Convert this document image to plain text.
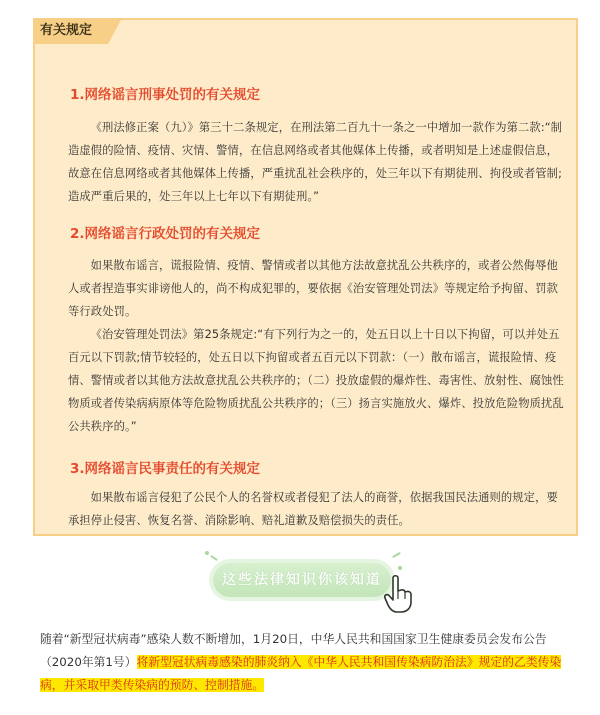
有关规定
1.网络谣言刑事处罚的有关规定

《刑法修正案（九）》第三十二条规定，在刑法第二百九十一条之一中增加一款作为第二款:“制造虚假的险情、疫情、灾情、警情，在信息网络或者其他媒体上传播，或者明知是上述虚假信息，故意在信息网络或者其他媒体上传播，严重扰乱社会秩序的，处三年以下有期徒刑、拘役或者管制;造成严重后果的，处三年以上七年以下有期徒刑。”

2.网络谣言行政处罚的有关规定

如果散布谣言，谎报险情、疫情、警情或者以其他方法故意扰乱公共秩序的，或者公然侮辱他人或者捏造事实诽谤他人的，尚不构成犯罪的，要依据《治安管理处罚法》等规定给予拘留、罚款等行政处罚。

《治安管理处罚法》第25条规定:“有下列行为之一的，处五日以上十日以下拘留，可以并处五百元以下罚款;情节较轻的，处五日以下拘留或者五百元以下罚款：（一）散布谣言，谎报险情、疫情、警情或者以其他方法故意扰乱公共秩序的；（二）投放虚假的爆炸性、毒害性、放射性、腐蚀性物质或者传染病病原体等危险物质扰乱公共秩序的；（三）扬言实施放火、爆炸、投放危险物质扰乱公共秩序的。”

3.网络谣言民事责任的有关规定

如果散布谣言侵犯了公民个人的名誉权或者侵犯了法人的商誉，依据我国民法通则的规定，要承担停止侵害、恢复名誉、消除影响、赔礼道歉及赔偿损失的责任。

这些法律知识你该知道

随着“新型冠状病毒”感染人数不断增加，1月20日，中华人民共和国国家卫生健康委员会发布公告（2020年第1号）将新型冠状病毒感染的肺炎纳入《中华人民共和国传染病防治法》规定的乙类传染病，并采取甲类传染病的预防、控制措施。
